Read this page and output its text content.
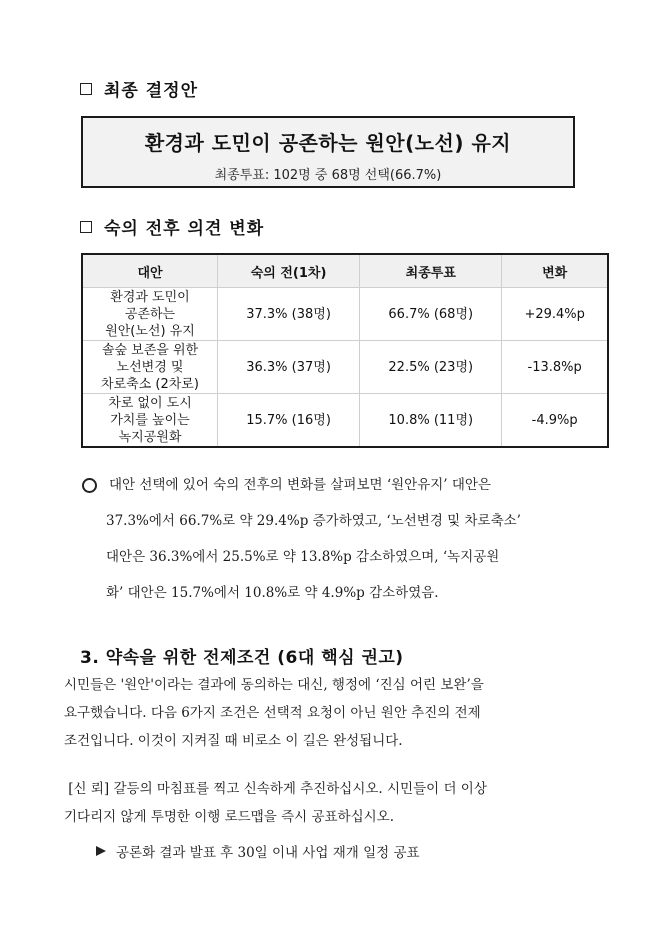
최종 결정안
환경과 도민이 공존하는 원안(노선) 유지
최종투표: 102명 중 68명 선택(66.7%)
숙의 전후 의견 변화
대안	숙의 전(1차)	최종투표	변화

환경과 도민이
공존하는
원안(노선) 유지	37.3% (38명)	66.7% (68명)	+29.4%p

솔숲 보존을 위한
노선변경 및
차로축소 (2차로)	36.3% (37명)	22.5% (23명)	-13.8%p

차로 없이 도시
가치를 높이는
녹지공원화	15.7% (16명)	10.8% (11명)	-4.9%p
대안 선택에 있어 숙의 전후의 변화를 살펴보면 ‘원안유지’ 대안은
37.3%에서 66.7%로 약 29.4%p 증가하였고, ‘노선변경 및 차로축소’
대안은 36.3%에서 25.5%로 약 13.8%p 감소하였으며, ‘녹지공원
화’ 대안은 15.7%에서 10.8%로 약 4.9%p 감소하였음.
3. 약속을 위한 전제조건 (6대 핵심 권고)
시민들은 '원안'이라는 결과에 동의하는 대신, 행정에 ‘진심 어린 보완’을
요구했습니다. 다음 6가지 조건은 선택적 요청이 아닌 원안 추진의 전제
조건입니다. 이것이 지켜질 때 비로소 이 길은 완성됩니다.
[신 뢰] 갈등의 마침표를 찍고 신속하게 추진하십시오. 시민들이 더 이상
기다리지 않게 투명한 이행 로드맵을 즉시 공표하십시오.
공론화 결과 발표 후 30일 이내 사업 재개 일정 공표
